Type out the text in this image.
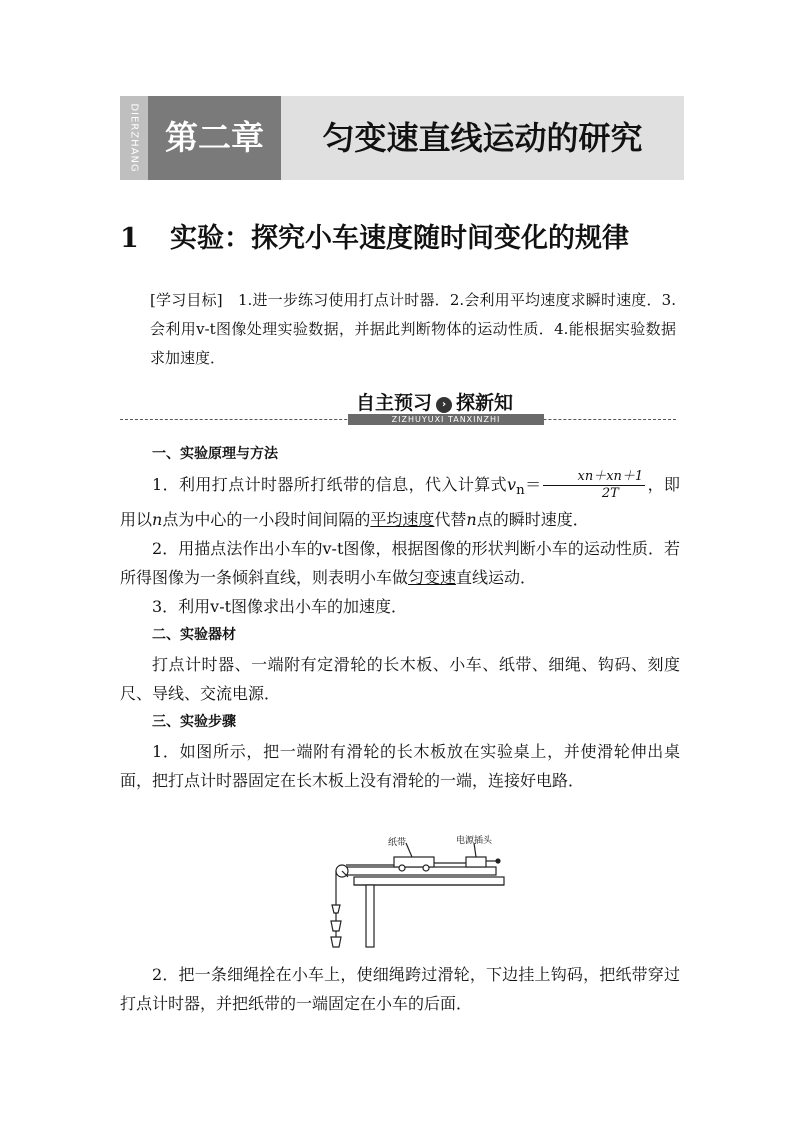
DIERZHANG 第二章	匀变速直线运动的研究
1 实验：探究小车速度随时间变化的规律
[学习目标]　1.进一步练习使用打点计时器．2.会利用平均速度求瞬时速度．3.会利用v-t图像处理实验数据，并据此判断物体的运动性质．4.能根据实验数据求加速度．
自主预习 › 探新知
ZIZHUYUXI TANXINZHI
一、实验原理与方法

1．利用打点计时器所打纸带的信息，代入计算式$v_n= \frac{xn+xn+1}{2T}$ ，即用以n点为中心的一小段时间间隔的平均速度代替n点的瞬时速度．

2．用描点法作出小车的v-t图像，根据图像的形状判断小车的运动性质．若所得图像为一条倾斜直线，则表明小车做匀变速直线运动．

3．利用v-t图像求出小车的加速度．

二、实验器材

打点计时器、一端附有定滑轮的长木板、小车、纸带、细绳、钩码、刻度尺、导线、交流电源．

三、实验步骤

1．如图所示，把一端附有滑轮的长木板放在实验桌上，并使滑轮伸出桌面，把打点计时器固定在长木板上没有滑轮的一端，连接好电路．

纸带	电源插头

2．把一条细绳拴在小车上，使细绳跨过滑轮，下边挂上钩码，把纸带穿过打点计时器，并把纸带的一端固定在小车的后面．
